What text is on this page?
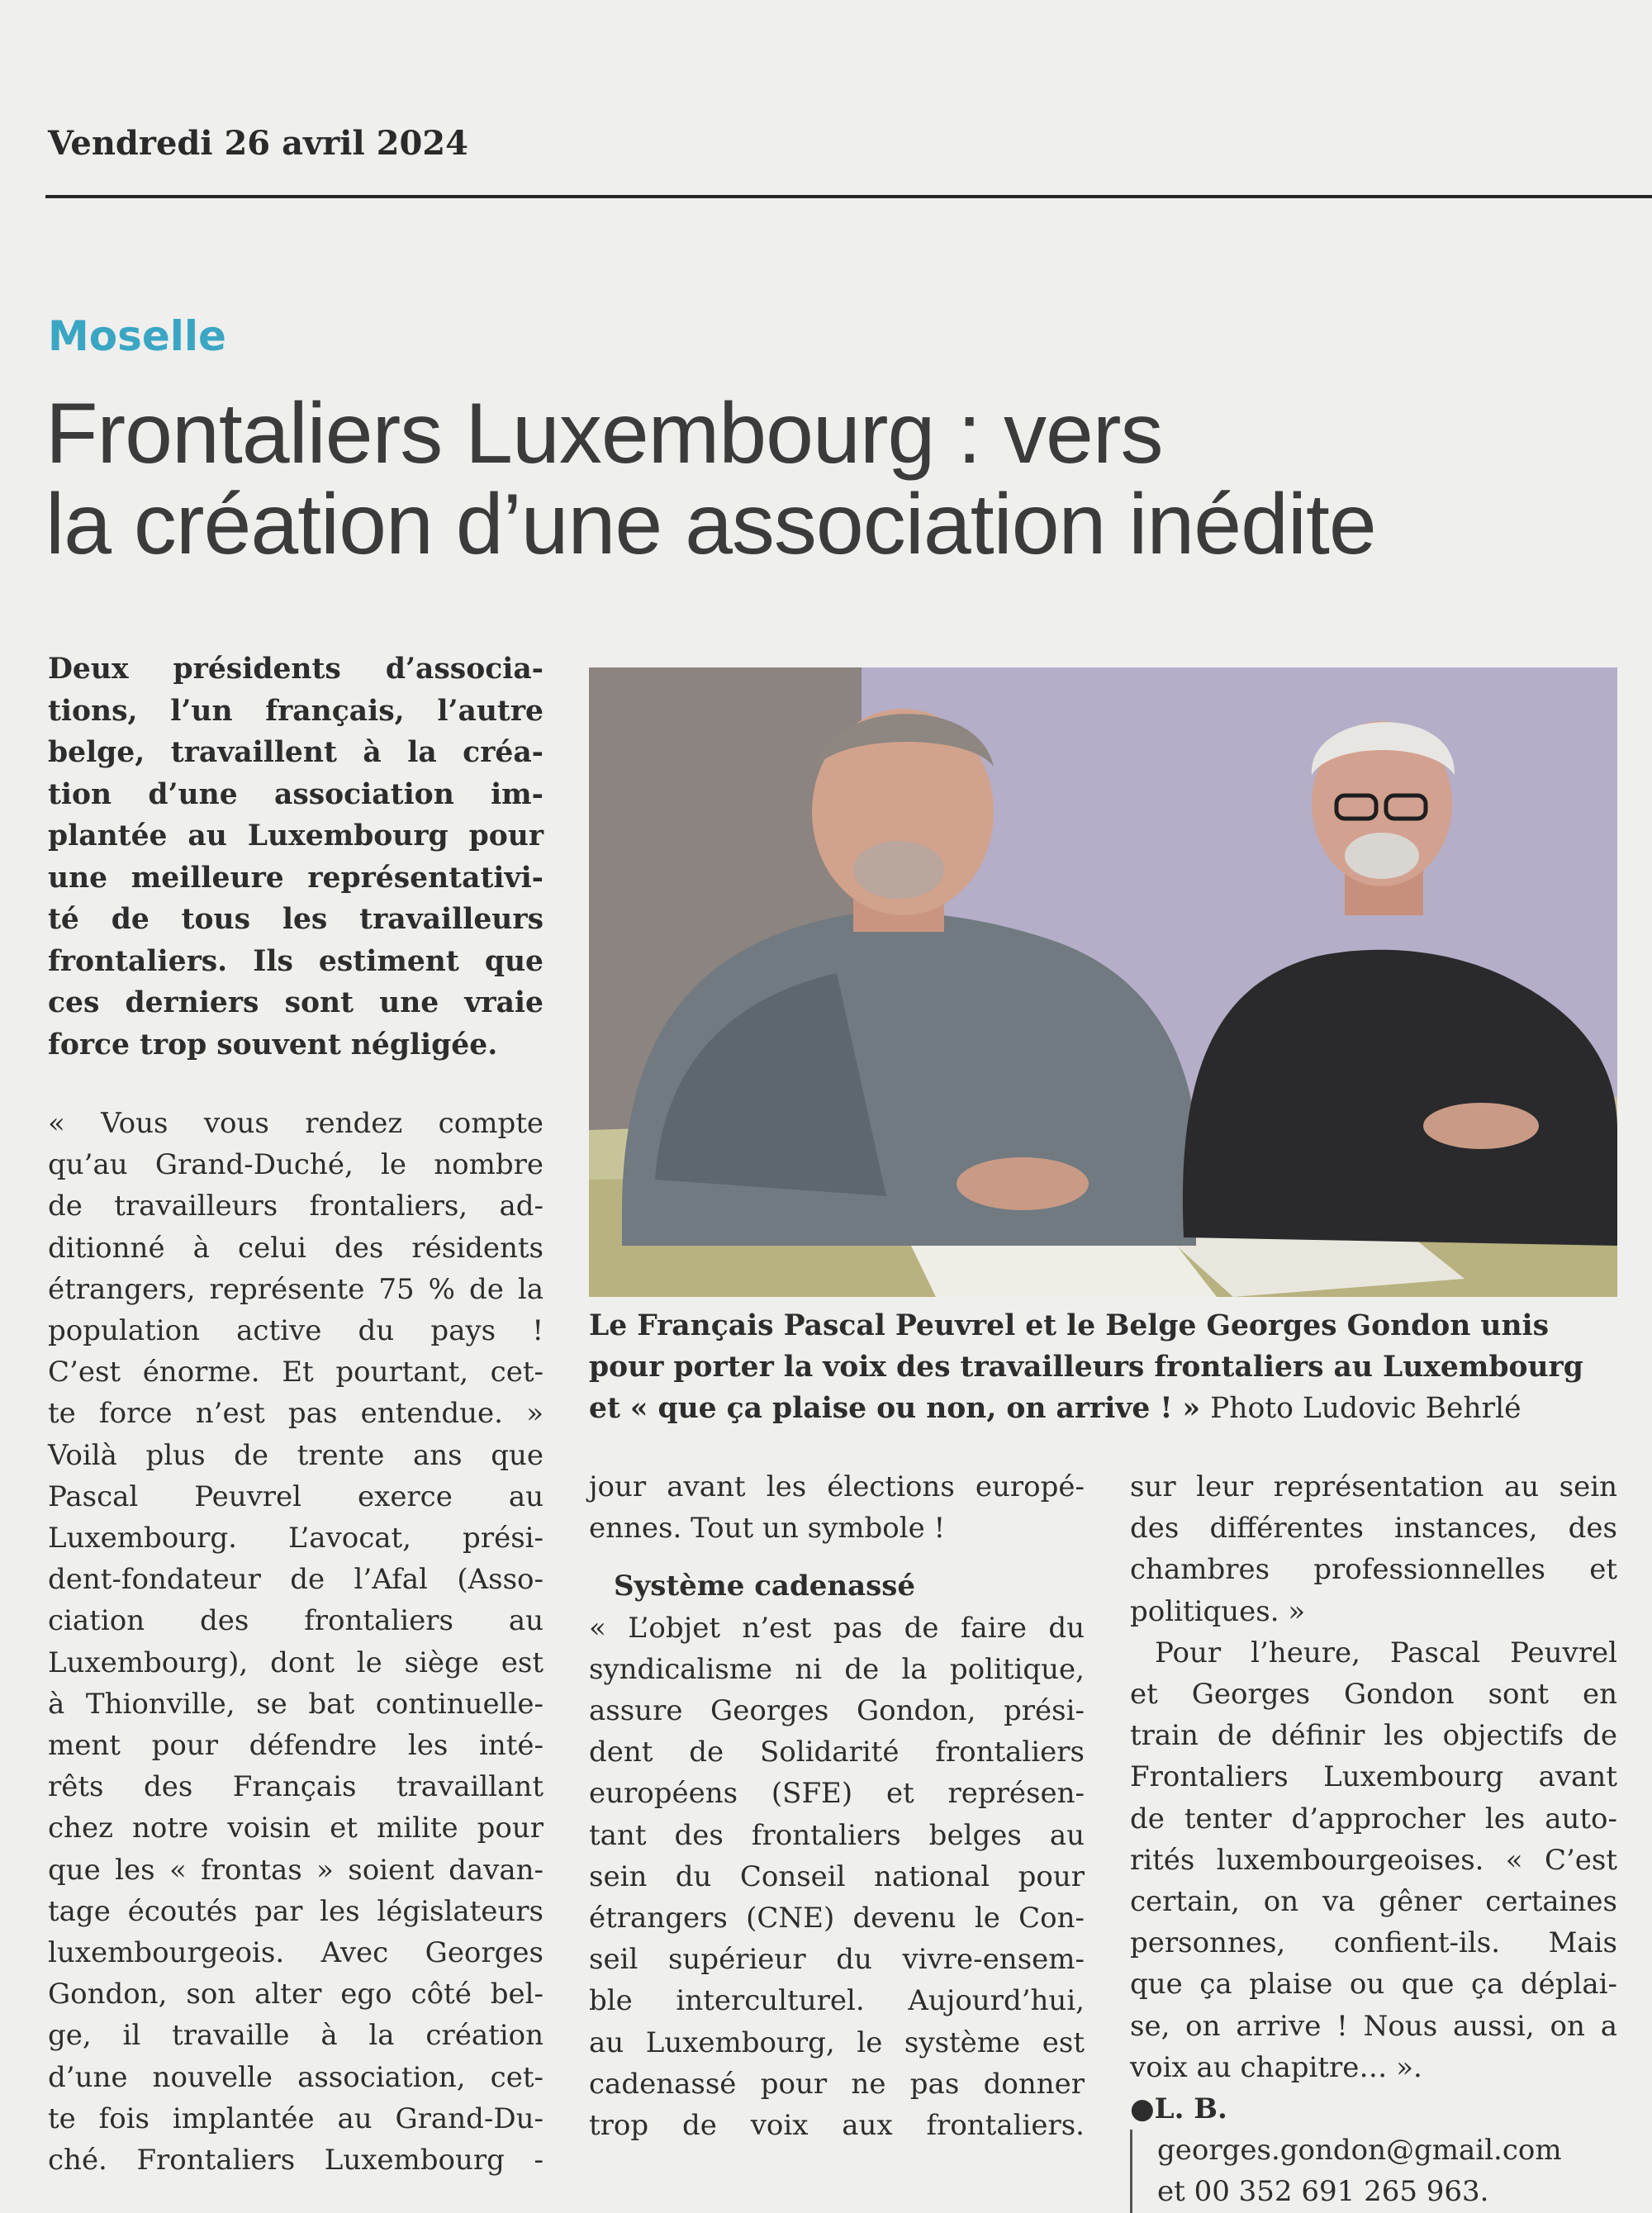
Vendredi 26 avril 2024
Moselle
Frontaliers Luxembourg : vers
la création d’une association inédite
Deux présidents d’associa-
tions, l’un français, l’autre
belge, travaillent à la créa-
tion d’une association im-
plantée au Luxembourg pour
une meilleure représentativi-
té de tous les travailleurs
frontaliers. Ils estiment que
ces derniers sont une vraie
force trop souvent négligée.
Le Français Pascal Peuvrel et le Belge Georges Gondon unis
pour porter la voix des travailleurs frontaliers au Luxembourg
et « que ça plaise ou non, on arrive ! » Photo Ludovic Behrlé
« Vous vous rendez compte
qu’au Grand-Duché, le nombre
de travailleurs frontaliers, ad-
ditionné à celui des résidents
étrangers, représente 75 % de la
population active du pays !
C’est énorme. Et pourtant, cet-
te force n’est pas entendue. »
Voilà plus de trente ans que
Pascal Peuvrel exerce au
Luxembourg. L’avocat, prési-
dent-fondateur de l’Afal (Asso-
ciation des frontaliers au
Luxembourg), dont le siège est
à Thionville, se bat continuelle-
ment pour défendre les inté-
rêts des Français travaillant
chez notre voisin et milite pour
que les « frontas » soient davan-
tage écoutés par les législateurs
luxembourgeois. Avec Georges
Gondon, son alter ego côté bel-
ge, il travaille à la création
d’une nouvelle association, cet-
te fois implantée au Grand-Du-
ché. Frontaliers Luxembourg -
jour avant les élections europé-
ennes. Tout un symbole !
Système cadenassé
« L’objet n’est pas de faire du
syndicalisme ni de la politique,
assure Georges Gondon, prési-
dent de Solidarité frontaliers
européens (SFE) et représen-
tant des frontaliers belges au
sein du Conseil national pour
étrangers (CNE) devenu le Con-
seil supérieur du vivre-ensem-
ble interculturel. Aujourd’hui,
au Luxembourg, le système est
cadenassé pour ne pas donner
trop de voix aux frontaliers.
sur leur représentation au sein
des différentes instances, des
chambres professionnelles et
politiques. »
Pour l’heure, Pascal Peuvrel
et Georges Gondon sont en
train de définir les objectifs de
Frontaliers Luxembourg avant
de tenter d’approcher les auto-
rités luxembourgeoises. « C’est
certain, on va gêner certaines
personnes, confient-ils. Mais
que ça plaise ou que ça déplai-
se, on arrive ! Nous aussi, on a
voix au chapitre… ».
●L. B.
georges.gondon@gmail.com
et 00 352 691 265 963.
